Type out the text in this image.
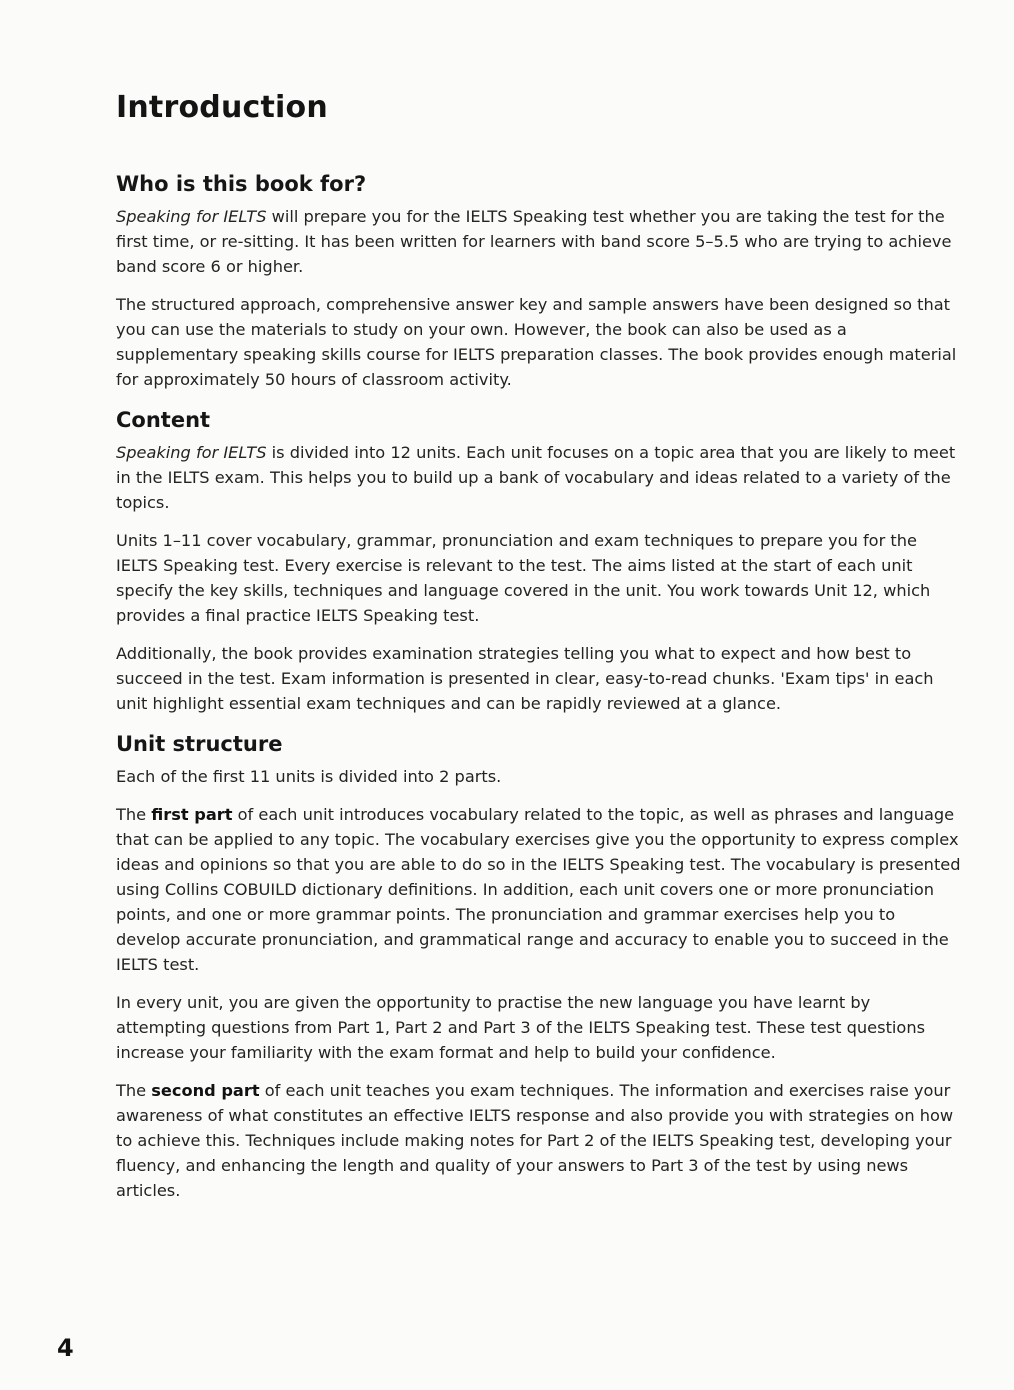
Introduction
Who is this book for?

Speaking for IELTS will prepare you for the IELTS Speaking test whether you are taking the test for the first time, or re-sitting. It has been written for learners with band score 5–5.5 who are trying to achieve band score 6 or higher.

The structured approach, comprehensive answer key and sample answers have been designed so that you can use the materials to study on your own. However, the book can also be used as a supplementary speaking skills course for IELTS preparation classes. The book provides enough material for approximately 50 hours of classroom activity.

Content

Speaking for IELTS is divided into 12 units. Each unit focuses on a topic area that you are likely to meet in the IELTS exam. This helps you to build up a bank of vocabulary and ideas related to a variety of the topics.

Units 1–11 cover vocabulary, grammar, pronunciation and exam techniques to prepare you for the IELTS Speaking test. Every exercise is relevant to the test. The aims listed at the start of each unit specify the key skills, techniques and language covered in the unit. You work towards Unit 12, which provides a final practice IELTS Speaking test.

Additionally, the book provides examination strategies telling you what to expect and how best to succeed in the test. Exam information is presented in clear, easy-to-read chunks. 'Exam tips' in each unit highlight essential exam techniques and can be rapidly reviewed at a glance.

Unit structure

Each of the first 11 units is divided into 2 parts.

The first part of each unit introduces vocabulary related to the topic, as well as phrases and language that can be applied to any topic. The vocabulary exercises give you the opportunity to express complex ideas and opinions so that you are able to do so in the IELTS Speaking test. The vocabulary is presented using Collins COBUILD dictionary definitions. In addition, each unit covers one or more pronunciation points, and one or more grammar points. The pronunciation and grammar exercises help you to develop accurate pronunciation, and grammatical range and accuracy to enable you to succeed in the IELTS test.

In every unit, you are given the opportunity to practise the new language you have learnt by attempting questions from Part 1, Part 2 and Part 3 of the IELTS Speaking test. These test questions increase your familiarity with the exam format and help to build your confidence.

The second part of each unit teaches you exam techniques. The information and exercises raise your awareness of what constitutes an effective IELTS response and also provide you with strategies on how to achieve this. Techniques include making notes for Part 2 of the IELTS Speaking test, developing your fluency, and enhancing the length and quality of your answers to Part 3 of the test by using news articles.

4
